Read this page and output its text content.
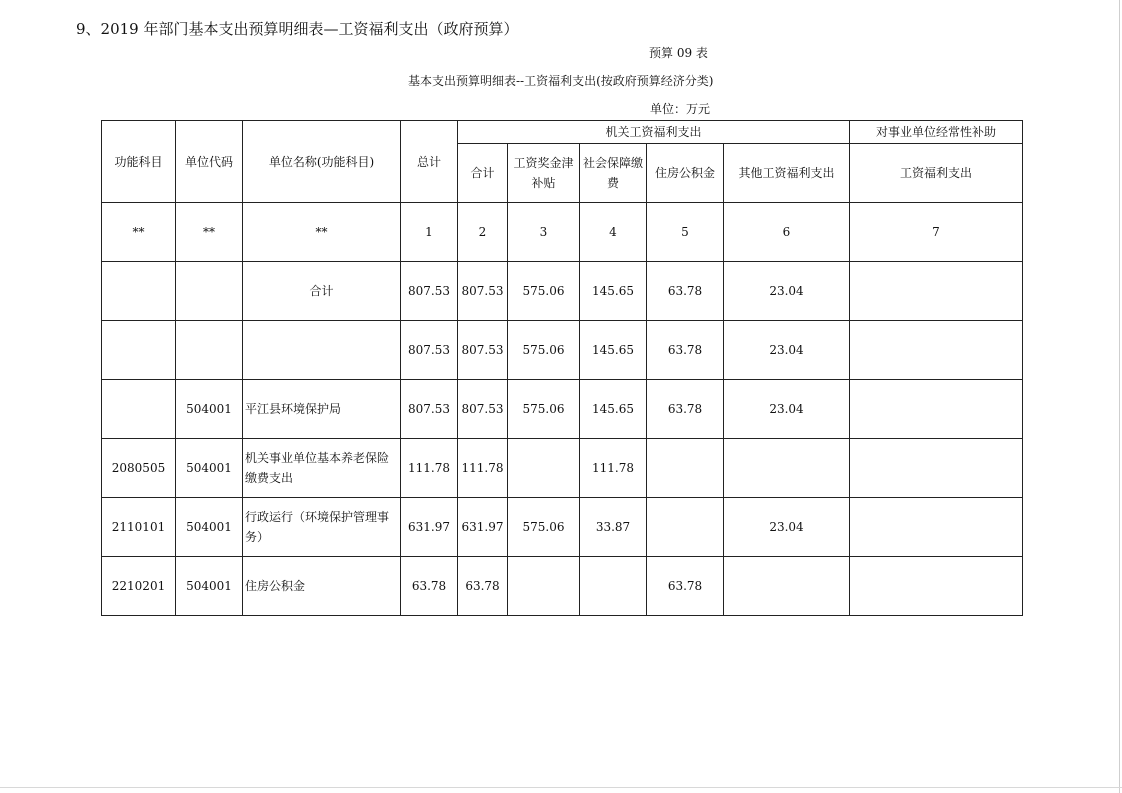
9、2019 年部门基本支出预算明细表—工资福利支出（政府预算）
预算 09 表
基本支出预算明细表--工资福利支出(按政府预算经济分类)
单位：万元
功能科目	单位代码	单位名称(功能科目)	总计	机关工资福利支出					对事业单位经常性补助
				合计	工资奖金津补贴	社会保障缴费	住房公积金	其他工资福利支出	工资福利支出
**	**	**	1	2	3	4	5	6	7
		合计	807.53	807.53	575.06	145.65	63.78	23.04	
			807.53	807.53	575.06	145.65	63.78	23.04	
	504001	平江县环境保护局	807.53	807.53	575.06	145.65	63.78	23.04	
2080505	504001	机关事业单位基本养老保险缴费支出	111.78	111.78		111.78			
2110101	504001	行政运行（环境保护管理事务）	631.97	631.97	575.06	33.87		23.04	
2210201	504001	住房公积金	63.78	63.78			63.78		
